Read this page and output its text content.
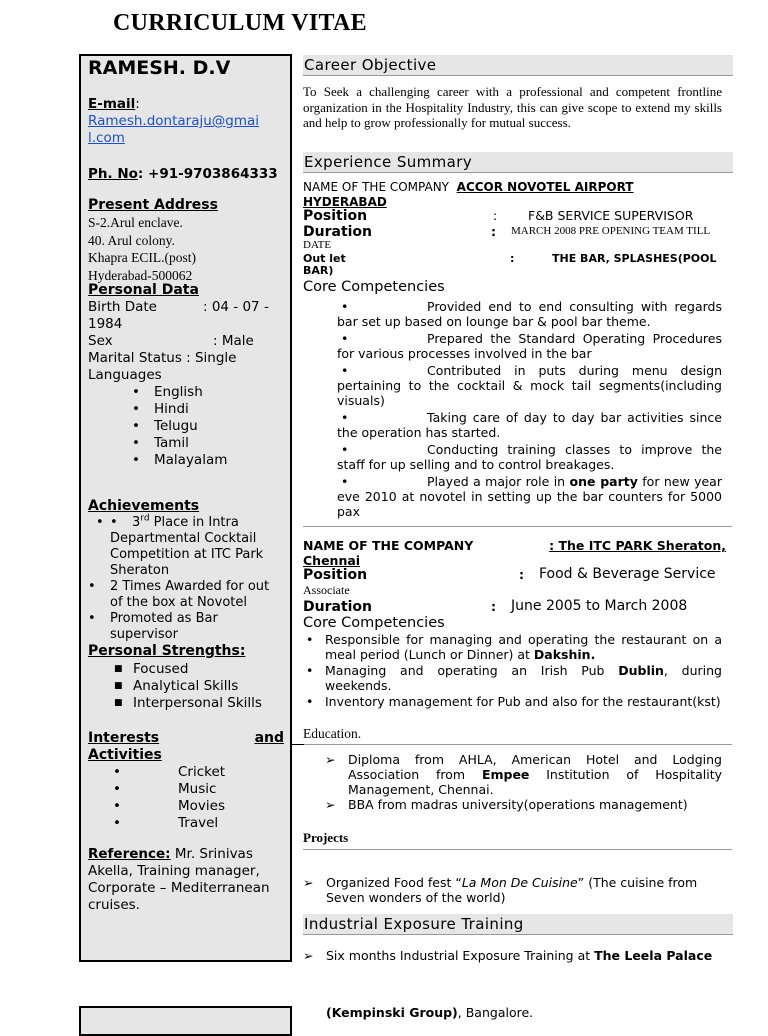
CURRICULUM VITAE
RAMESH. D.V
E-mail:
Ramesh.dontaraju@gmai
l.com
Ph. No: +91-9703864333
Present Address
S-2.Arul enclave.
40. Arul colony.
Khapra ECIL.(post)
Hyderabad-500062
Personal Data
Birth Date	: 04 - 07 -
1984
Sex	: Male
Marital Status : Single
Languages
• English
• Hindi
• Telugu
• Tamil
• Malayalam
Achievements
• • 3rd Place in Intra Departmental Cocktail Competition at ITC Park Sheraton
• 2 Times Awarded for out of the box at Novotel
• Promoted as Bar supervisor
Personal Strengths:
■ Focused
■ Analytical Skills
■ Interpersonal Skills
Interests	and
Activities
•	Cricket
•	Music
•	Movies
•	Travel
Reference: Mr. Srinivas Akella, Training manager, Corporate – Mediterranean cruises.
Career Objective
To Seek a challenging career with a professional and competent frontline organization in the Hospitality Industry, this can give scope to extend my skills and help to grow professionally for mutual success.
Experience Summary
NAME OF THE COMPANY ACCOR NOVOTEL AIRPORT
HYDERABAD
Position	: F&B SERVICE SUPERVISOR
Duration	: MARCH 2008 PRE OPENING TEAM TILL
DATE
Out let	:	THE BAR, SPLASHES(POOL
BAR)
Core Competencies
•	Provided end to end consulting with regards bar set up based on lounge bar & pool bar theme.
•	Prepared the Standard Operating Procedures for various processes involved in the bar
•	Contributed in puts during menu design pertaining to the cocktail & mock tail segments(including visuals)
•	Taking care of day to day bar activities since the operation has started.
•	Conducting training classes to improve the staff for up selling and to control breakages.
•	Played a major role in one party for new year eve 2010 at novotel in setting up the bar counters for 5000 pax
NAME OF THE COMPANY	: The ITC PARK Sheraton,

Chennai
Position	: Food & Beverage Service
Associate
Duration	: June 2005 to March 2008
Core Competencies
• Responsible for managing and operating the restaurant on a meal period (Lunch or Dinner) at Dakshin.
• Managing and operating an Irish Pub Dublin, during weekends.
• Inventory management for Pub and also for the restaurant(kst)
Education.
➢ Diploma from AHLA, American Hotel and Lodging Association from Empee Institution of Hospitality Management, Chennai.
➢ BBA from madras university(operations management)
Projects
➢ Organized Food fest “La Mon De Cuisine” (The cuisine from Seven wonders of the world)
Industrial Exposure Training
➢ Six months Industrial Exposure Training at The Leela Palace
(Kempinski Group), Bangalore.
